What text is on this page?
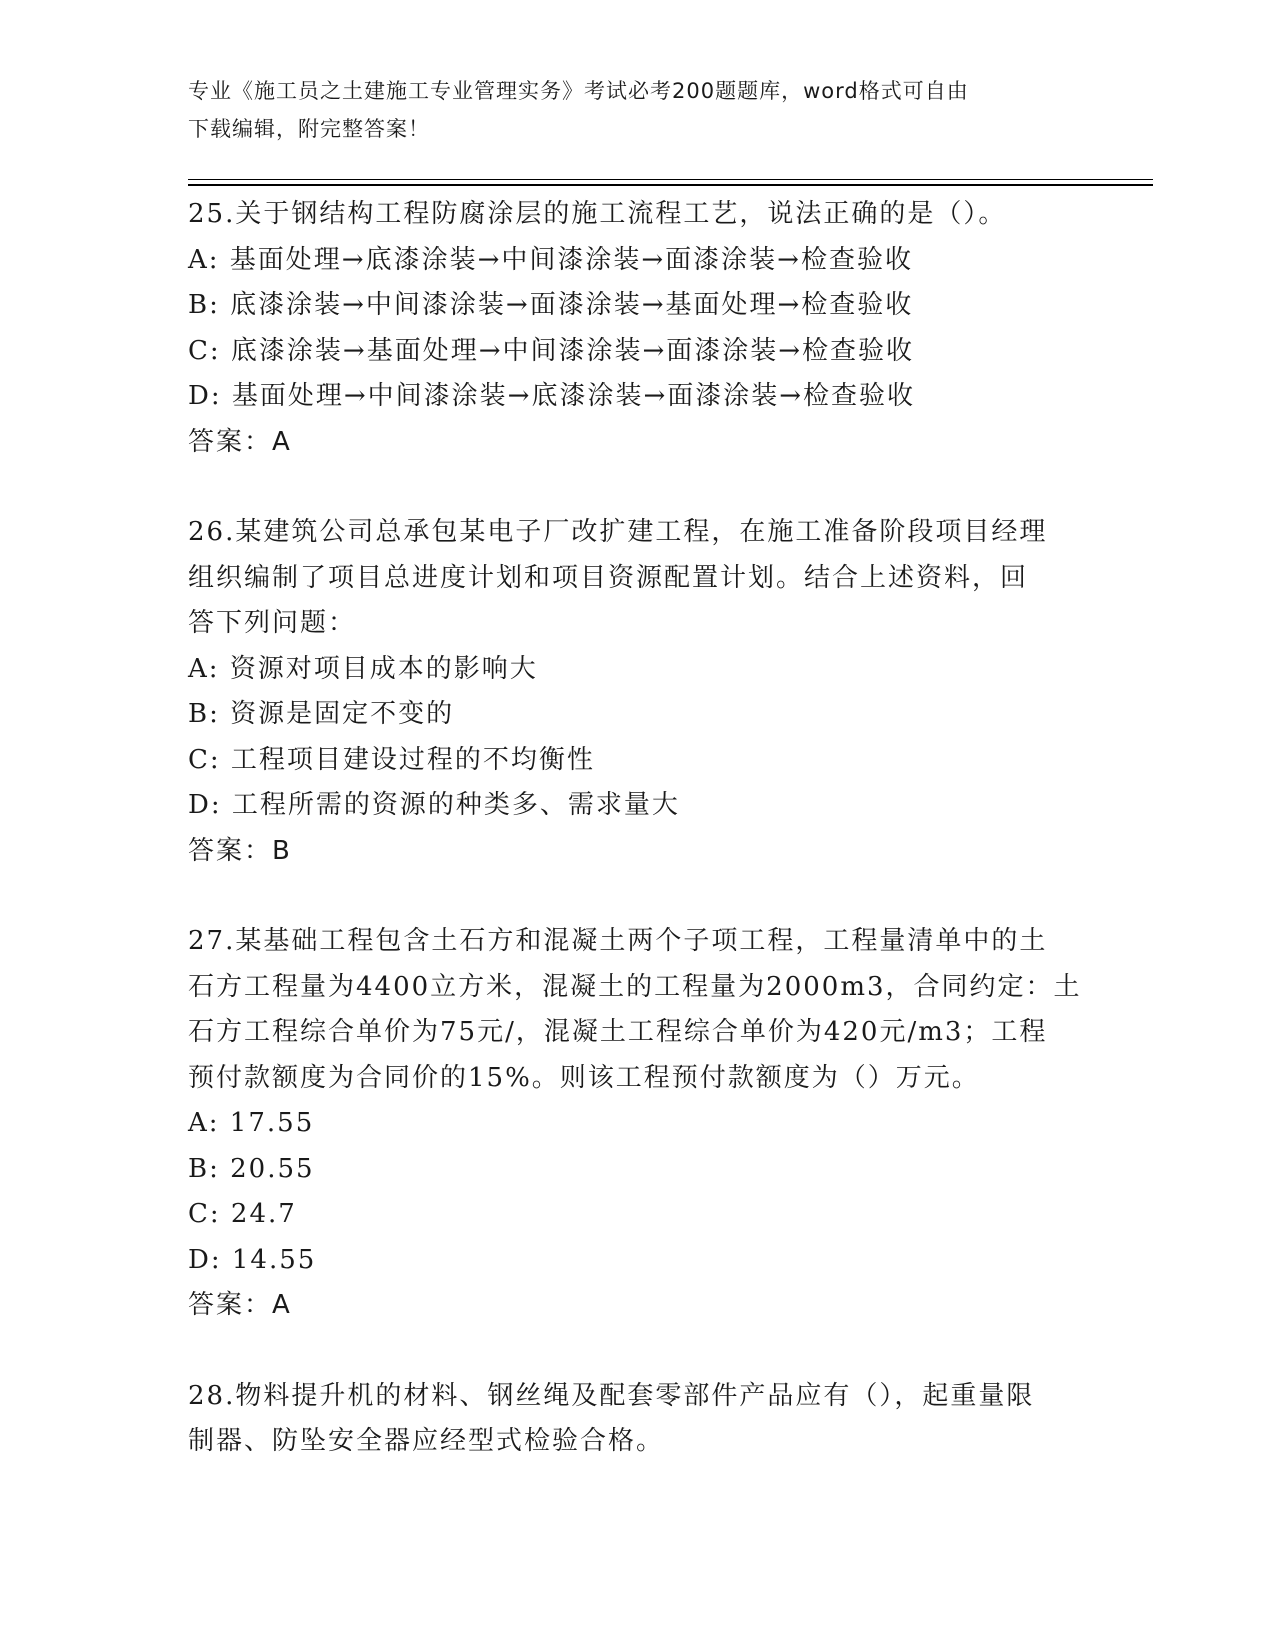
专业《施工员之土建施工专业管理实务》考试必考200题题库，word格式可自由
下载编辑，附完整答案！

25.关于钢结构工程防腐涂层的施工流程工艺，说法正确的是（）。

A: 基面处理→底漆涂装→中间漆涂装→面漆涂装→检查验收

B: 底漆涂装→中间漆涂装→面漆涂装→基面处理→检查验收

C: 底漆涂装→基面处理→中间漆涂装→面漆涂装→检查验收

D: 基面处理→中间漆涂装→底漆涂装→面漆涂装→检查验收

答案：A

26.某建筑公司总承包某电子厂改扩建工程，在施工准备阶段项目经理

组织编制了项目总进度计划和项目资源配置计划。结合上述资料，回

答下列问题：

A: 资源对项目成本的影响大

B: 资源是固定不变的

C: 工程项目建设过程的不均衡性

D: 工程所需的资源的种类多、需求量大

答案：B

27.某基础工程包含土石方和混凝土两个子项工程，工程量清单中的土

石方工程量为4400立方米，混凝土的工程量为2000m3，合同约定：土

石方工程综合单价为75元/，混凝土工程综合单价为420元/m3；工程

预付款额度为合同价的15%。则该工程预付款额度为（）万元。

A: 17.55

B: 20.55

C: 24.7

D: 14.55

答案：A

28.物料提升机的材料、钢丝绳及配套零部件产品应有（），起重量限

制器、防坠安全器应经型式检验合格。
